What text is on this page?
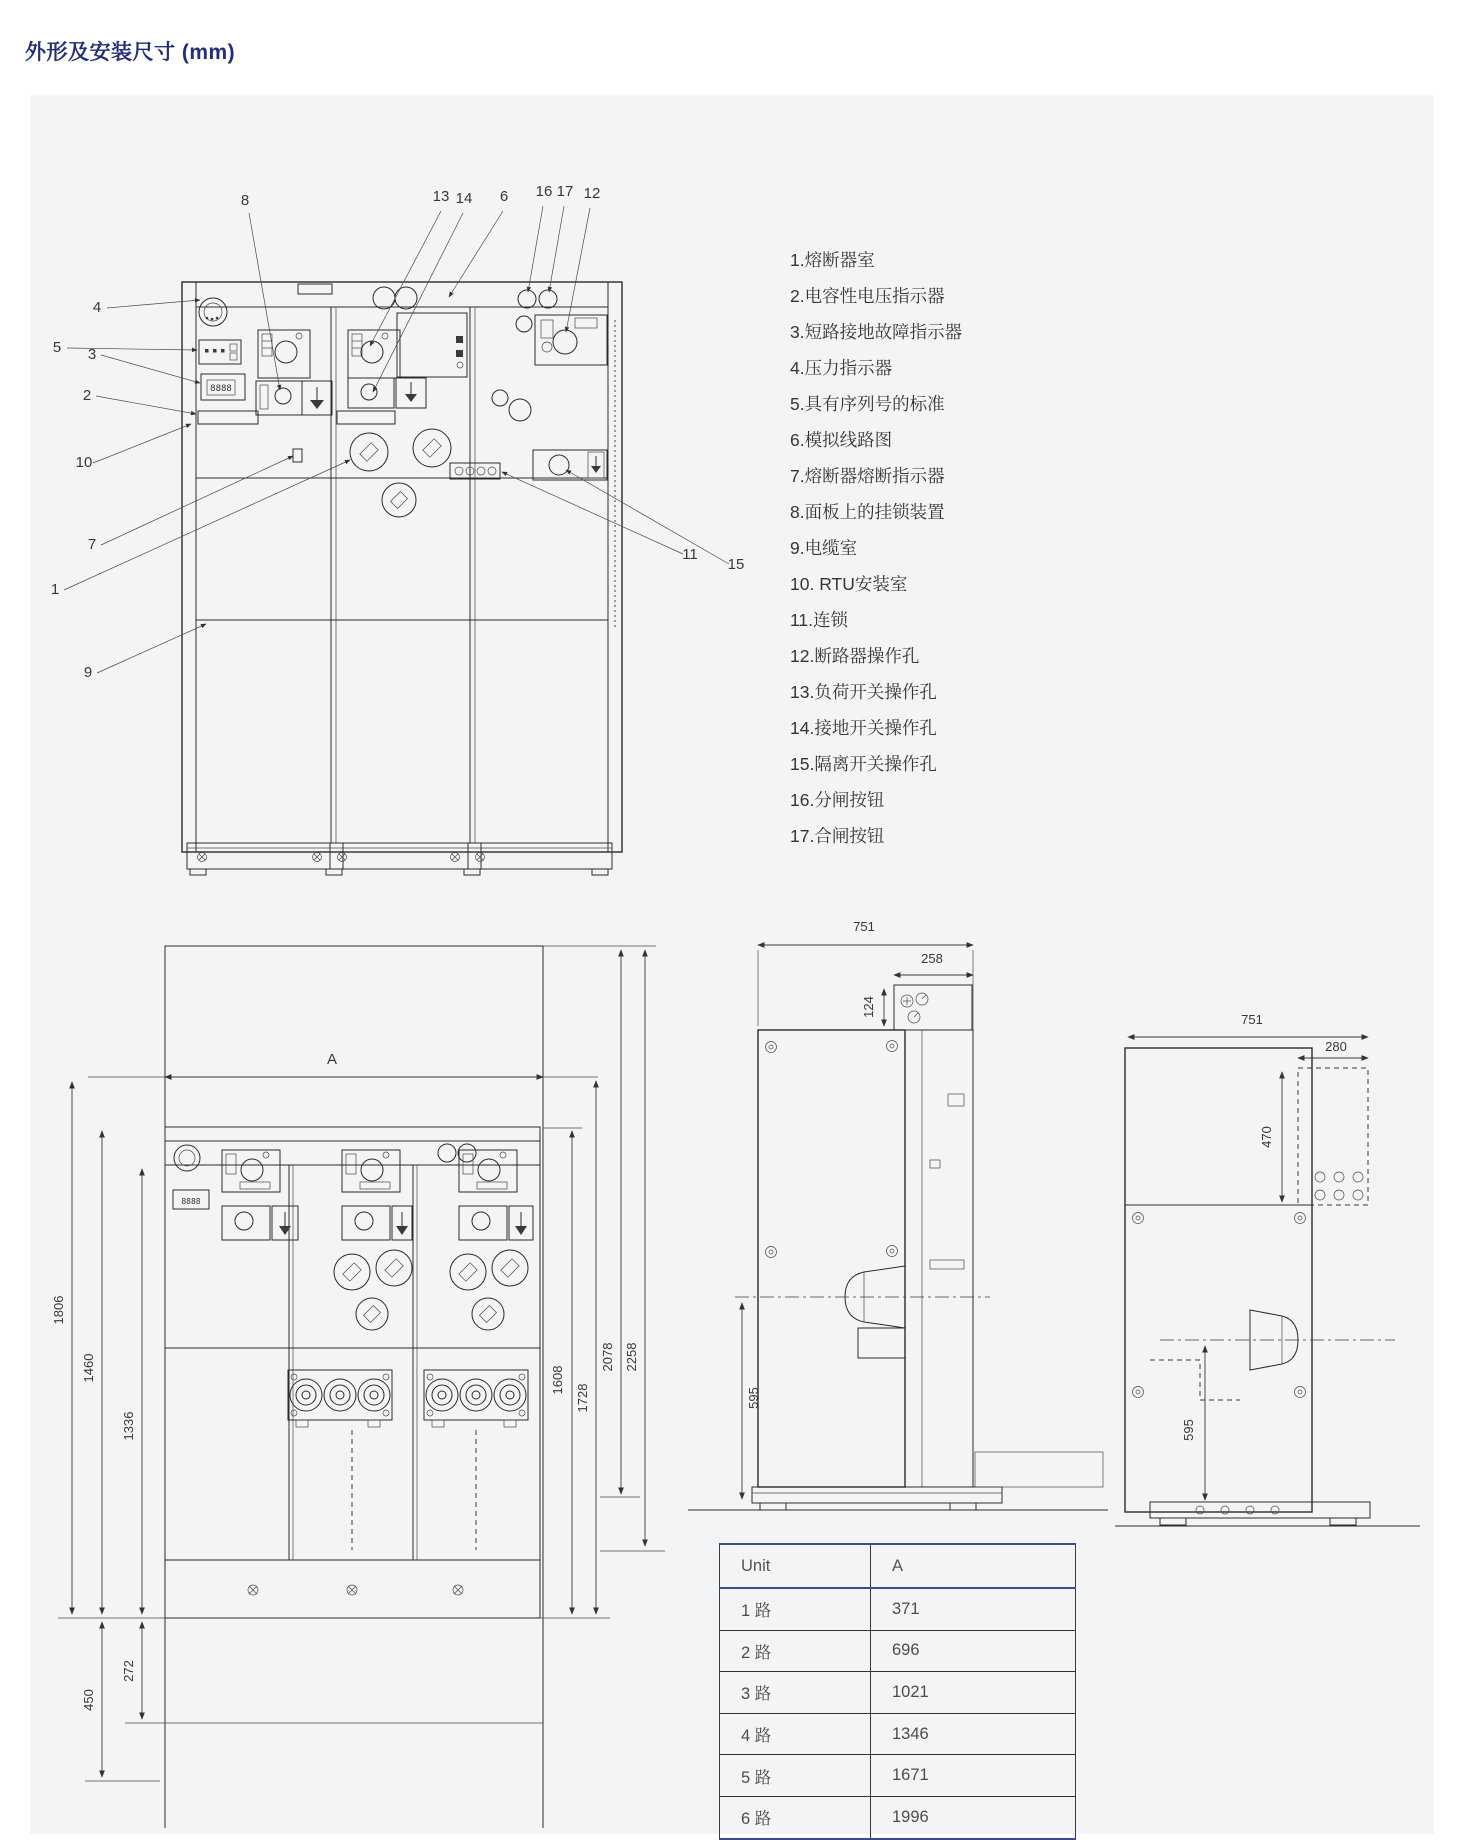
外形及安装尺寸 (mm)
8888
8	13 14 6 16 17 12
4
5 3
2
10
7
1
9
11
15
1.熔断器室
2.电容性电压指示器
3.短路接地故障指示器
4.压力指示器
5.具有序列号的标准
6.模拟线路图
7.熔断器熔断指示器
8.面板上的挂锁装置
9.电缆室
10. RTU安装室
11.连锁
12.断路器操作孔
13.负荷开关操作孔
14.接地开关操作孔
15.隔离开关操作孔
16.分闸按钮
17.合闸按钮
A
8888
1806
1460
1336
272
450
1608
1728
2078 2258
751
258
124
595
751
280
470
595
Unit	A
1 路	371
2 路	696
3 路	1021
4 路	1346
5 路	1671
6 路	1996
